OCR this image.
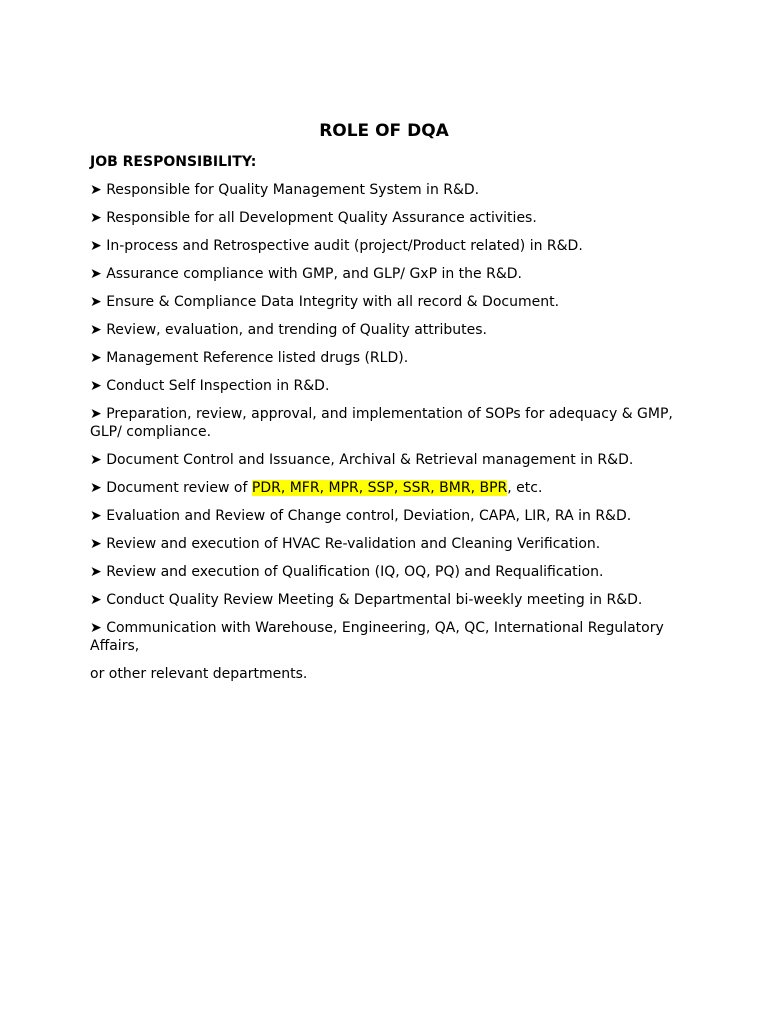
ROLE OF DQA
JOB RESPONSIBILITY:
➤ Responsible for Quality Management System in R&D.
➤ Responsible for all Development Quality Assurance activities.
➤ In-process and Retrospective audit (project/Product related) in R&D.
➤ Assurance compliance with GMP, and GLP/ GxP in the R&D.
➤ Ensure & Compliance Data Integrity with all record & Document.
➤ Review, evaluation, and trending of Quality attributes.
➤ Management Reference listed drugs (RLD).
➤ Conduct Self Inspection in R&D.
➤ Preparation, review, approval, and implementation of SOPs for adequacy & GMP, GLP/ compliance.
➤ Document Control and Issuance, Archival & Retrieval management in R&D.
➤ Document review of PDR, MFR, MPR, SSP, SSR, BMR, BPR, etc.
➤ Evaluation and Review of Change control, Deviation, CAPA, LIR, RA in R&D.
➤ Review and execution of HVAC Re-validation and Cleaning Verification.
➤ Review and execution of Qualification (IQ, OQ, PQ) and Requalification.
➤ Conduct Quality Review Meeting & Departmental bi-weekly meeting in R&D.
➤ Communication with Warehouse, Engineering, QA, QC, International Regulatory Affairs,
or other relevant departments.
